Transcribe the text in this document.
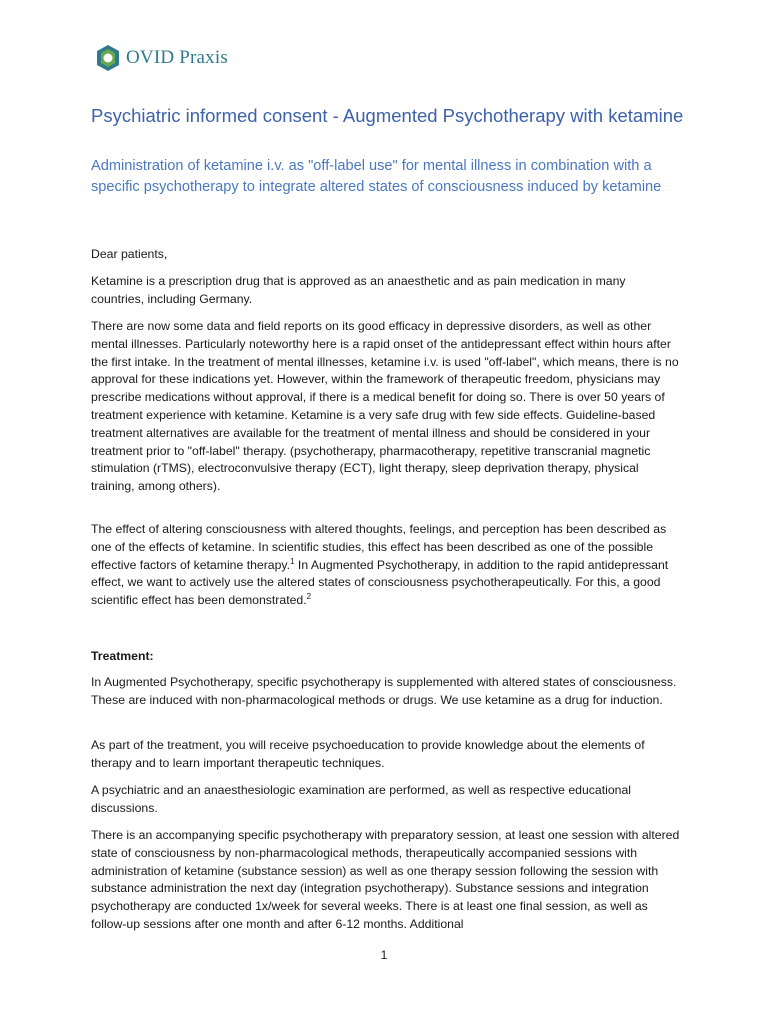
OVID Praxis
Psychiatric informed consent - Augmented Psychotherapy with ketamine
Administration of ketamine i.v. as "off-label use" for mental illness in combination with a specific psychotherapy to integrate altered states of consciousness induced by ketamine

Dear patients,

Ketamine is a prescription drug that is approved as an anaesthetic and as pain medication in many countries, including Germany.

There are now some data and field reports on its good efficacy in depressive disorders, as well as other mental illnesses. Particularly noteworthy here is a rapid onset of the antidepressant effect within hours after the first intake. In the treatment of mental illnesses, ketamine i.v. is used "off-label", which means, there is no approval for these indications yet. However, within the framework of therapeutic freedom, physicians may prescribe medications without approval, if there is a medical benefit for doing so. There is over 50 years of treatment experience with ketamine. Ketamine is a very safe drug with few side effects. Guideline-based treatment alternatives are available for the treatment of mental illness and should be considered in your treatment prior to "off-label" therapy. (psychotherapy, pharmacotherapy, repetitive transcranial magnetic stimulation (rTMS), electroconvulsive therapy (ECT), light therapy, sleep deprivation therapy, physical training, among others).

The effect of altering consciousness with altered thoughts, feelings, and perception has been described as one of the effects of ketamine. In scientific studies, this effect has been described as one of the possible effective factors of ketamine therapy.$^1$ In Augmented Psychotherapy, in addition to the rapid antidepressant effect, we want to actively use the altered states of consciousness psychotherapeutically. For this, a good scientific effect has been demonstrated.$^2$

Treatment:

In Augmented Psychotherapy, specific psychotherapy is supplemented with altered states of consciousness. These are induced with non-pharmacological methods or drugs. We use ketamine as a drug for induction.

As part of the treatment, you will receive psychoeducation to provide knowledge about the elements of therapy and to learn important therapeutic techniques.

A psychiatric and an anaesthesiologic examination are performed, as well as respective educational discussions.

There is an accompanying specific psychotherapy with preparatory session, at least one session with altered state of consciousness by non-pharmacological methods, therapeutically accompanied sessions with administration of ketamine (substance session) as well as one therapy session following the session with substance administration the next day (integration psychotherapy). Substance sessions and integration psychotherapy are conducted 1x/week for several weeks. There is at least one final session, as well as follow-up sessions after one month and after 6-12 months. Additional

1
